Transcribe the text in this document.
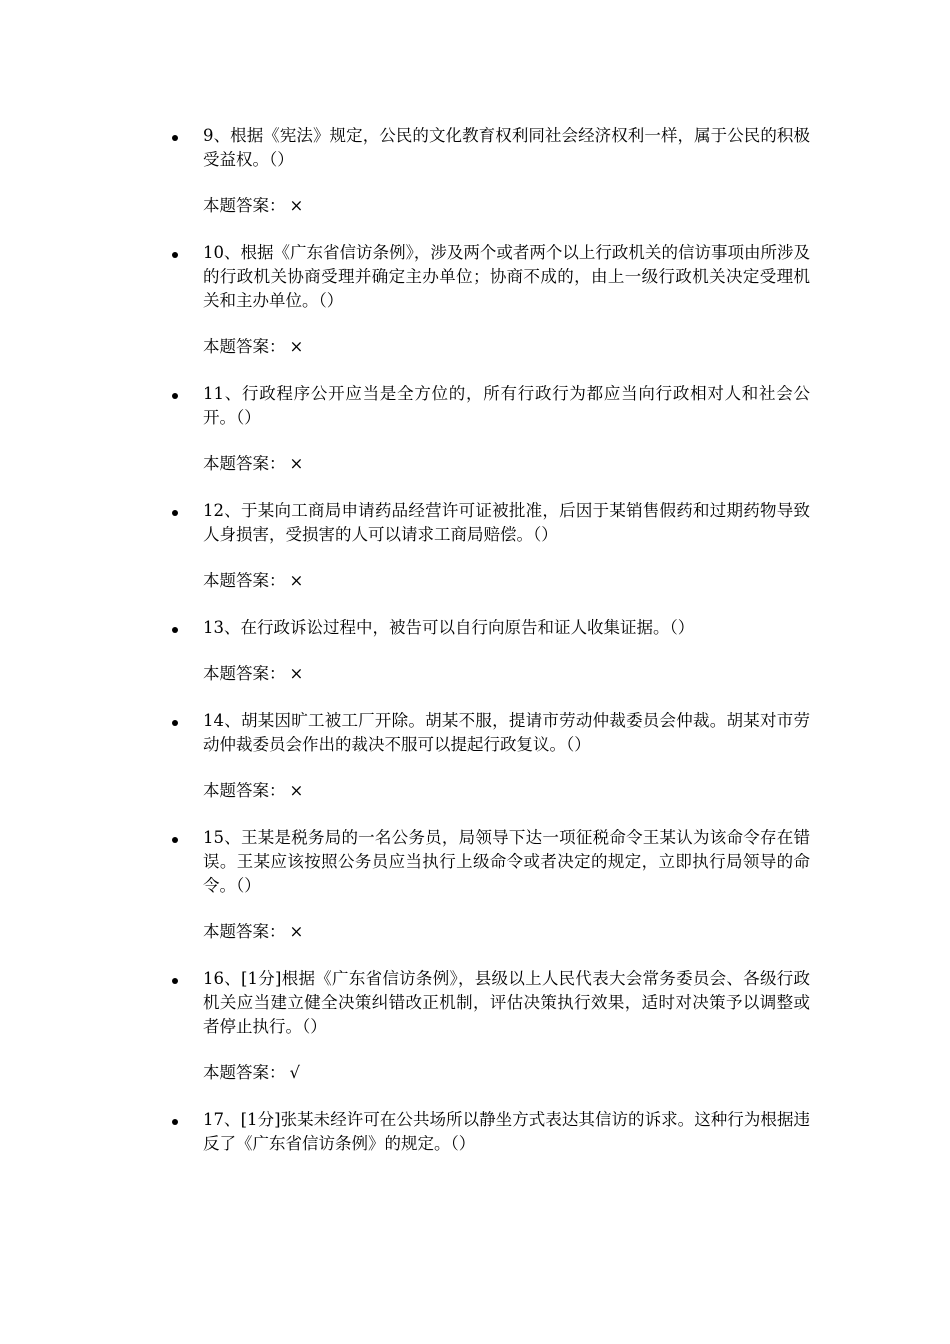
9、根据《宪法》规定，公民的文化教育权利同社会经济权利一样，属于公民的积极受益权。（）

本题答案： ×

10、根据《广东省信访条例》，涉及两个或者两个以上行政机关的信访事项由所涉及的行政机关协商受理并确定主办单位；协商不成的，由上一级行政机关决定受理机关和主办单位。（）

本题答案： ×

11、行政程序公开应当是全方位的，所有行政行为都应当向行政相对人和社会公开。（）

本题答案： ×

12、于某向工商局申请药品经营许可证被批准，后因于某销售假药和过期药物导致人身损害，受损害的人可以请求工商局赔偿。（）

本题答案： ×

13、在行政诉讼过程中，被告可以自行向原告和证人收集证据。（）

本题答案： ×

14、胡某因旷工被工厂开除。胡某不服，提请市劳动仲裁委员会仲裁。胡某对市劳动仲裁委员会作出的裁决不服可以提起行政复议。（）

本题答案： ×

15、王某是税务局的一名公务员，局领导下达一项征税命令王某认为该命令存在错误。王某应该按照公务员应当执行上级命令或者决定的规定，立即执行局领导的命令。（）

本题答案： ×

16、[1分]根据《广东省信访条例》，县级以上人民代表大会常务委员会、各级行政机关应当建立健全决策纠错改正机制，评估决策执行效果，适时对决策予以调整或者停止执行。（）

本题答案： √

17、[1分]张某未经许可在公共场所以静坐方式表达其信访的诉求。这种行为根据违反了《广东省信访条例》的规定。（）
